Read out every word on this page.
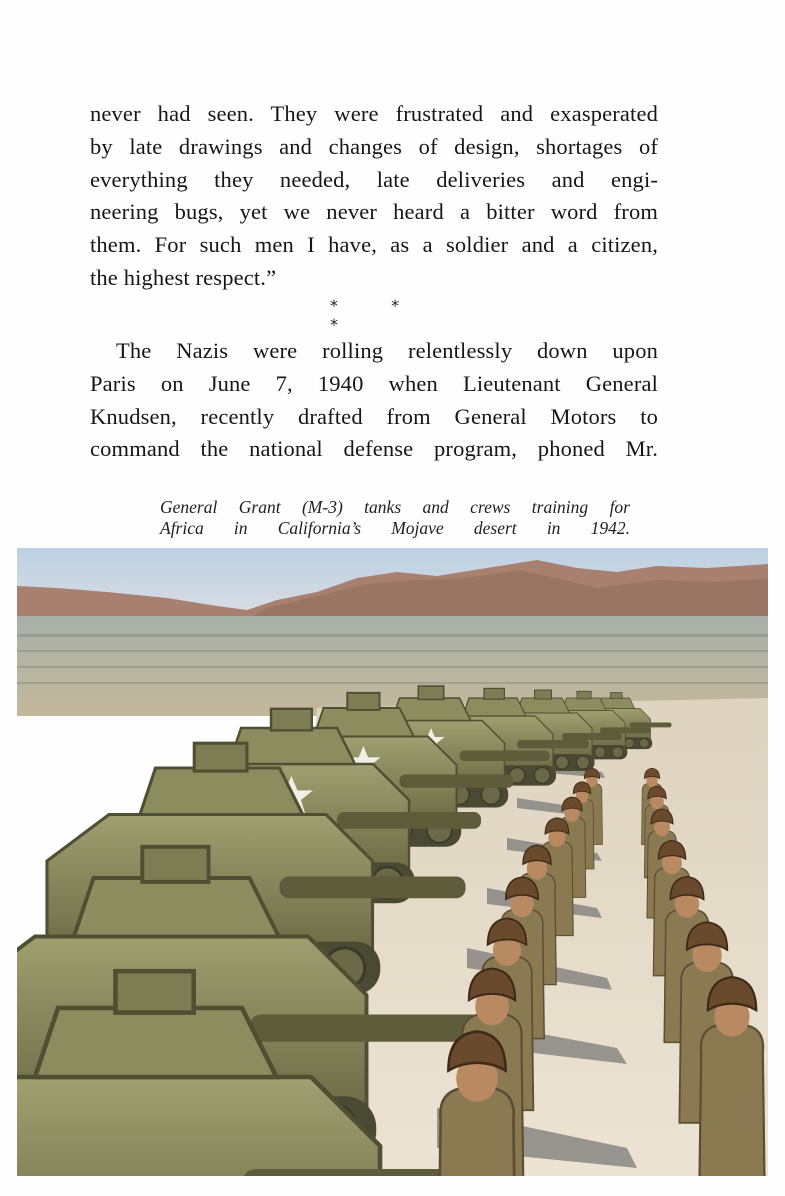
never had seen. They were frustrated and exasperated
by late drawings and changes of design, shortages of
everything they needed, late deliveries and engi-
neering bugs, yet we never heard a bitter word from
them. For such men I have, as a soldier and a citizen,
the highest respect.”
* * *
The Nazis were rolling relentlessly down upon
Paris on June 7, 1940 when Lieutenant General
Knudsen, recently drafted from General Motors to
command the national defense program, phoned Mr.
General Grant (M-3) tanks and crews training for
Africa in California’s Mojave desert in 1942.
